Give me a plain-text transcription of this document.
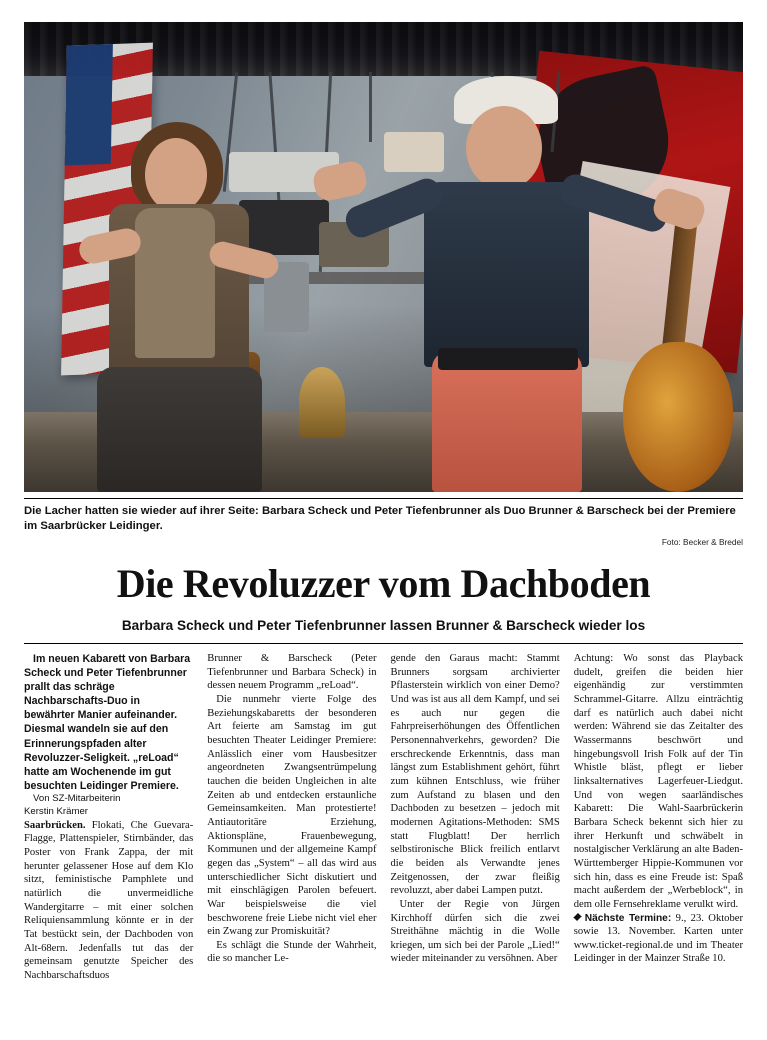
Die Lacher hatten sie wieder auf ihrer Seite: Barbara Scheck und Peter Tiefenbrunner als Duo Brunner & Barscheck bei der Premiere im Saarbrücker Leidinger.
Foto: Becker & Bredel
Die Revoluzzer vom Dachboden
Barbara Scheck und Peter Tiefenbrunner lassen Brunner & Barscheck wieder los

Im neuen Kabarett von Barbara Scheck und Peter Tiefenbrunner prallt das schräge Nachbarschafts-Duo in bewährter Manier aufeinander. Diesmal wandeln sie auf den Erinnerungspfaden alter Revoluzzer-Seligkeit. „reLoad“ hatte am Wochenende im gut besuchten Leidinger Premiere.

Von SZ-Mitarbeiterin
Kerstin Krämer

Saarbrücken. Flokati, Che Guevara-Flagge, Plattenspieler, Stirnbänder, das Poster von Frank Zappa, der mit herunter gelassener Hose auf dem Klo sitzt, feministische Pamphlete und natürlich die unvermeidliche Wandergitarre – mit einer solchen Reliquiensammlung könnte er in der Tat bestückt sein, der Dachboden von Alt-68ern. Jedenfalls tut das der gemeinsam genutzte Speicher des Nachbarschaftsduos

Brunner & Barscheck (Peter Tiefenbrunner und Barbara Scheck) in dessen neuem Programm „reLoad“.

Die nunmehr vierte Folge des Beziehungskabaretts der besonderen Art feierte am Samstag im gut besuchten Theater Leidinger Premiere: Anlässlich einer vom Hausbesitzer angeordneten Zwangsentrümpelung tauchen die beiden Ungleichen in alte Zeiten ab und entdecken erstaunliche Gemeinsamkeiten. Man protestierte! Antiautoritäre Erziehung, Aktionspläne, Frauenbewegung, Kommunen und der allgemeine Kampf gegen das „System“ – all das wird aus unterschiedlicher Sicht diskutiert und mit einschlägigen Parolen befeuert. War beispielsweise die viel beschworene freie Liebe nicht viel eher ein Zwang zur Promiskuität?

Es schlägt die Stunde der Wahrheit, die so mancher Le-

gende den Garaus macht: Stammt Brunners sorgsam archivierter Pflasterstein wirklich von einer Demo? Und was ist aus all dem Kampf, und sei es auch nur gegen die Fahrpreiserhöhungen des Öffentlichen Personennahverkehrs, geworden? Die erschreckende Erkenntnis, dass man längst zum Establishment gehört, führt zum kühnen Entschluss, wie früher zum Aufstand zu blasen und den Dachboden zu besetzen – jedoch mit modernen Agitations-Methoden: SMS statt Flugblatt! Der herrlich selbstironische Blick freilich entlarvt die beiden als Verwandte jenes Zeitgenossen, der zwar fleißig revoluzzt, aber dabei Lampen putzt.

Unter der Regie von Jürgen Kirchhoff dürfen sich die zwei Streithähne mächtig in die Wolle kriegen, um sich bei der Parole „Lied!“ wieder miteinander zu versöhnen. Aber

Achtung: Wo sonst das Playback dudelt, greifen die beiden hier eigenhändig zur verstimmten Schrammel-Gitarre. Allzu einträchtig darf es natürlich auch dabei nicht werden: Während sie das Zeitalter des Wassermanns beschwört und hingebungsvoll Irish Folk auf der Tin Whistle bläst, pflegt er lieber linksalternatives Lagerfeuer-Liedgut. Und von wegen saarländisches Kabarett: Die Wahl-Saarbrückerin Barbara Scheck bekennt sich hier zu ihrer Herkunft und schwäbelt in nostalgischer Verklärung an alte Baden-Württemberger Hippie-Kommunen vor sich hin, dass es eine Freude ist: Spaß macht außerdem der „Werbeblock“, in dem olle Fernsehreklame verulkt wird.

Nächste Termine: 9., 23. Oktober sowie 13. November. Karten unter www.ticket-regional.de und im Theater Leidinger in der Mainzer Straße 10.
